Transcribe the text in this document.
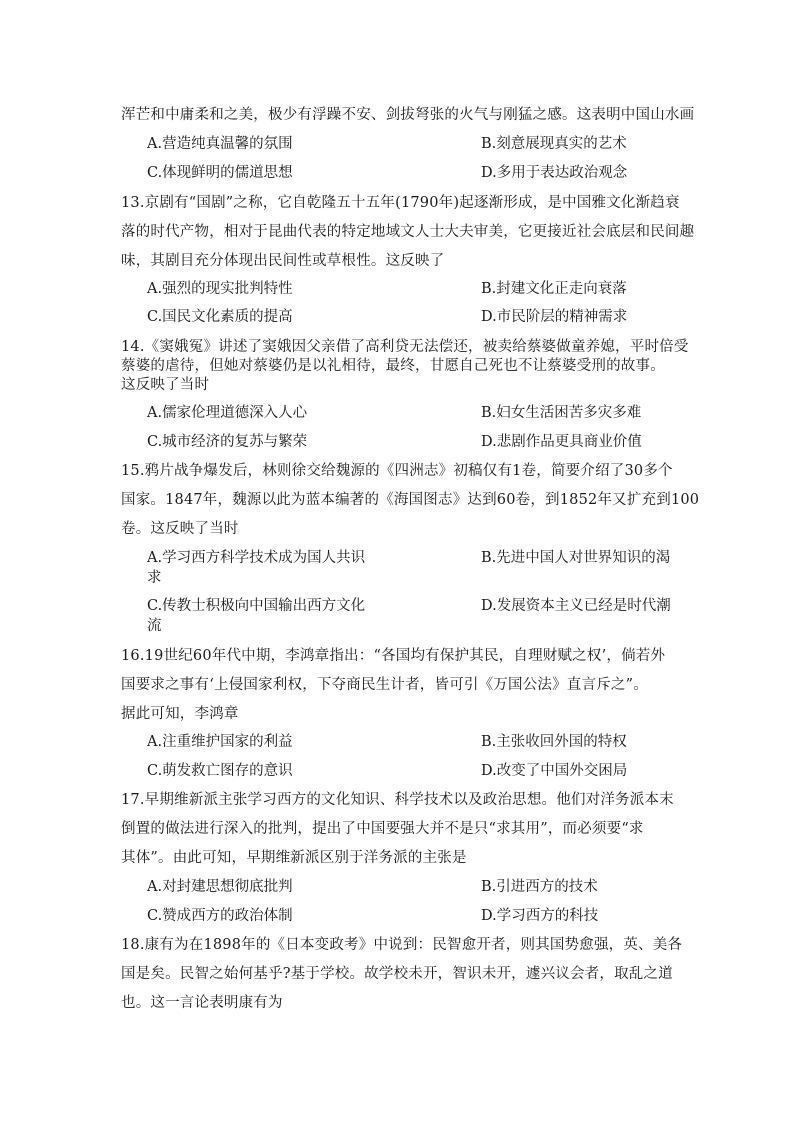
浑芒和中庸柔和之美，极少有浮躁不安、剑拔弩张的火气与刚猛之感。这表明中国山水画
A.营造纯真温馨的氛围	B.刻意展现真实的艺术
C.体现鲜明的儒道思想	D.多用于表达政治观念
13.京剧有“国剧”之称，它自乾隆五十五年(1790年)起逐渐形成，是中国雅文化渐趋衰
落的时代产物，相对于昆曲代表的特定地域文人士大夫审美，它更接近社会底层和民间趣
味，其剧目充分体现出民间性或草根性。这反映了
A.强烈的现实批判特性	B.封建文化正走向衰落
C.国民文化素质的提高	D.市民阶层的精神需求
14.《窦娥冤》讲述了窦娥因父亲借了高利贷无法偿还，被卖给蔡婆做童养媳，平时倍受
蔡婆的虐待，但她对蔡婆仍是以礼相待，最终，甘愿自己死也不让蔡婆受刑的故事。
这反映了当时
A.儒家伦理道德深入人心	B.妇女生活困苦多灾多难
C.城市经济的复苏与繁荣	D.悲剧作品更具商业价值
15.鸦片战争爆发后，林则徐交给魏源的《四洲志》初稿仅有1卷，简要介绍了30多个
国家。1847年，魏源以此为蓝本编著的《海国图志》达到60卷，到1852年又扩充到100
卷。这反映了当时
A.学习西方科学技术成为国人共识	B.先进中国人对世界知识的渴
求
C.传教士积极向中国输出西方文化	D.发展资本主义已经是时代潮
流
16.19世纪60年代中期，李鸿章指出：“各国均有保护其民，自理财赋之权’，倘若外
国要求之事有‘上侵国家利权，下夺商民生计者，皆可引《万国公法》直言斥之”。
据此可知，李鸿章
A.注重维护国家的利益	B.主张收回外国的特权
C.萌发救亡图存的意识	D.改变了中国外交困局
17.早期维新派主张学习西方的文化知识、科学技术以及政治思想。他们对洋务派本末
倒置的做法进行深入的批判，提出了中国要强大并不是只“求其用”，而必须要“求
其体”。由此可知，早期维新派区别于洋务派的主张是
A.对封建思想彻底批判	B.引进西方的技术
C.赞成西方的政治体制	D.学习西方的科技
18.康有为在1898年的《日本变政考》中说到：民智愈开者，则其国势愈强，英、美各
国是矣。民智之始何基乎?基于学校。故学校未开，智识未开，遽兴议会者，取乱之道
也。这一言论表明康有为
